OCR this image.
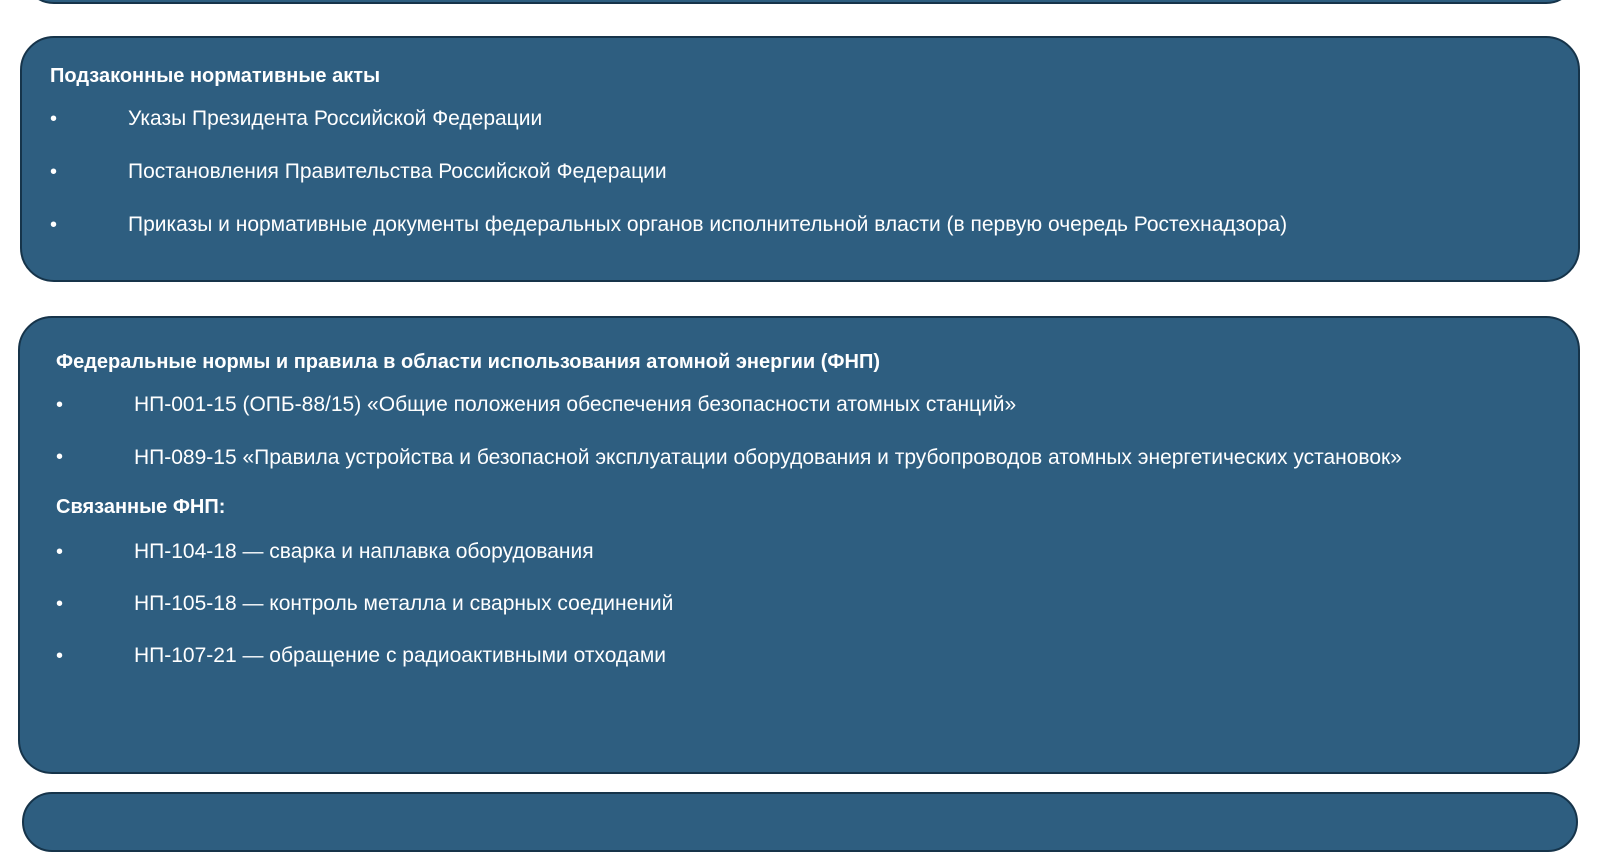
Подзаконные нормативные акты
•	Указы Президента Российской Федерации
•	Постановления Правительства Российской Федерации
•	Приказы и нормативные документы федеральных органов исполнительной власти (в первую очередь Ростехнадзора)
Федеральные нормы и правила в области использования атомной энергии (ФНП)
•	НП-001-15 (ОПБ-88/15) «Общие положения обеспечения безопасности атомных станций»
•	НП-089-15 «Правила устройства и безопасной эксплуатации оборудования и трубопроводов атомных энергетических установок»
Связанные ФНП:
•	НП-104-18 — сварка и наплавка оборудования
•	НП-105-18 — контроль металла и сварных соединений
•	НП-107-21 — обращение с радиоактивными отходами
